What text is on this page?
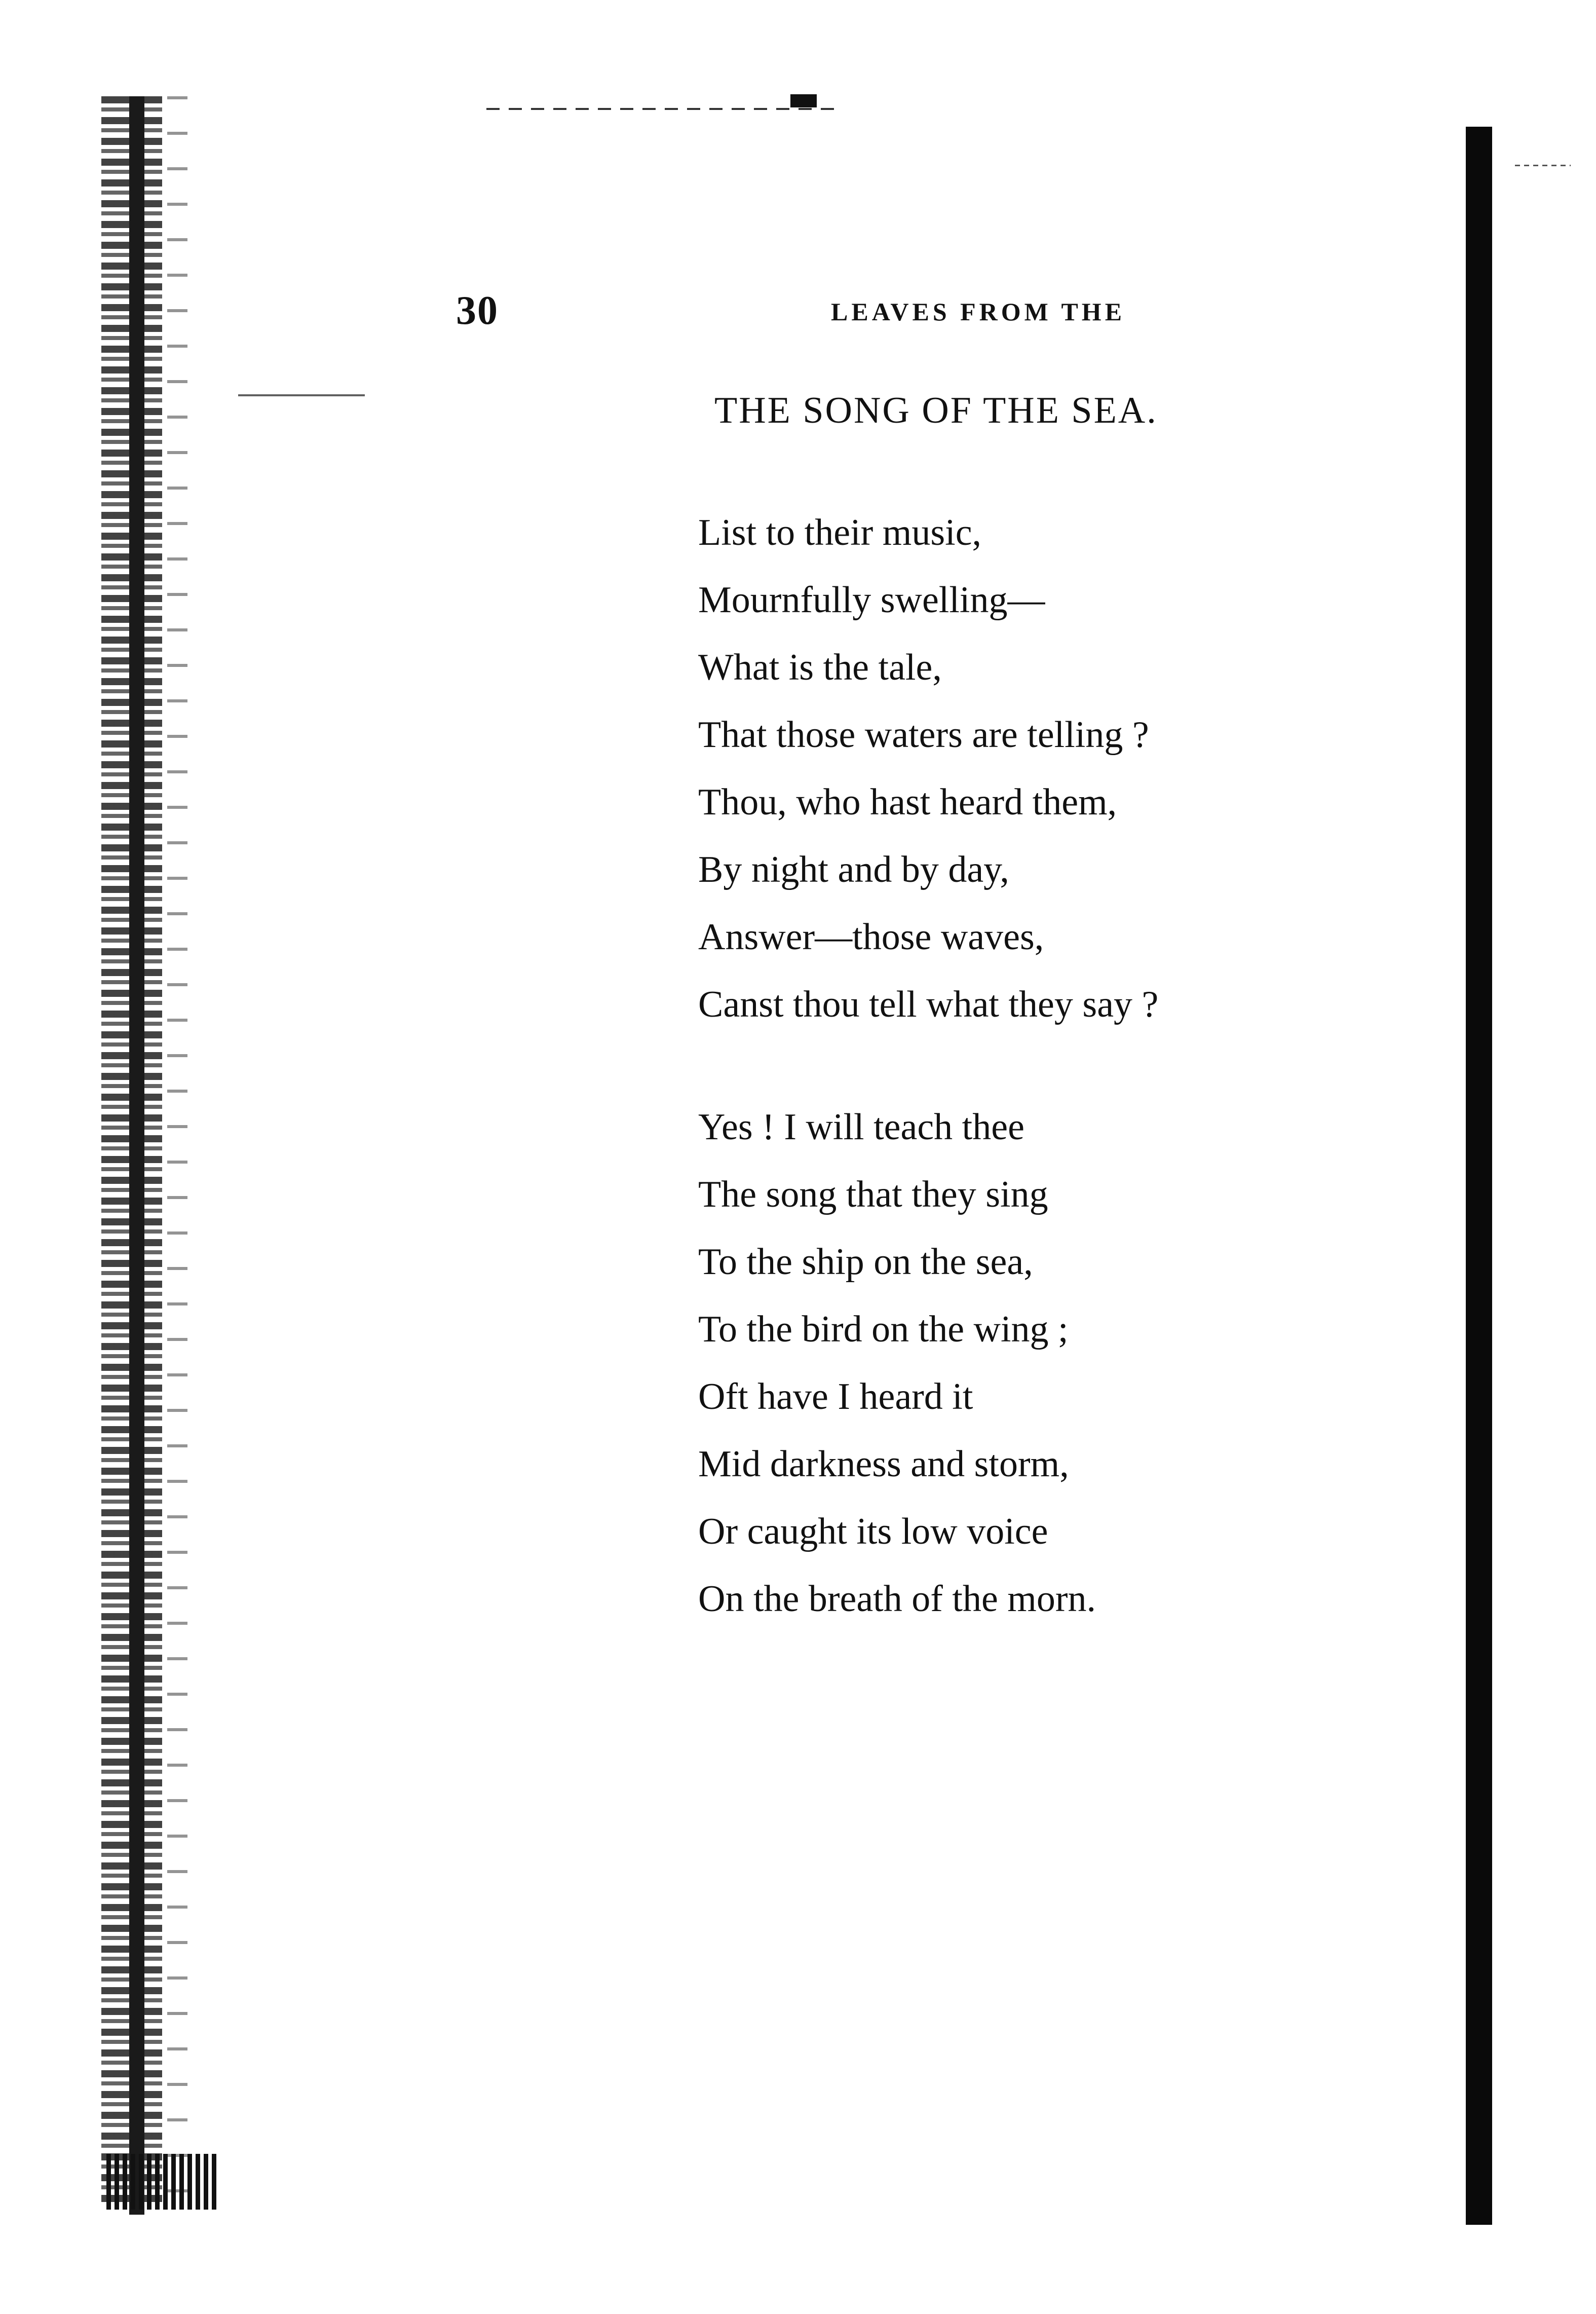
30	LEAVES FROM THE
THE SONG OF THE SEA.
List to their music,
Mournfully swelling—
What is the tale,
That those waters are telling ?
Thou, who hast heard them,
By night and by day,
Answer—those waves,
Canst thou tell what they say ?
Yes ! I will teach thee
The song that they sing
To the ship on the sea,
To the bird on the wing ;
Oft have I heard it
Mid darkness and storm,
Or caught its low voice
On the breath of the morn.
